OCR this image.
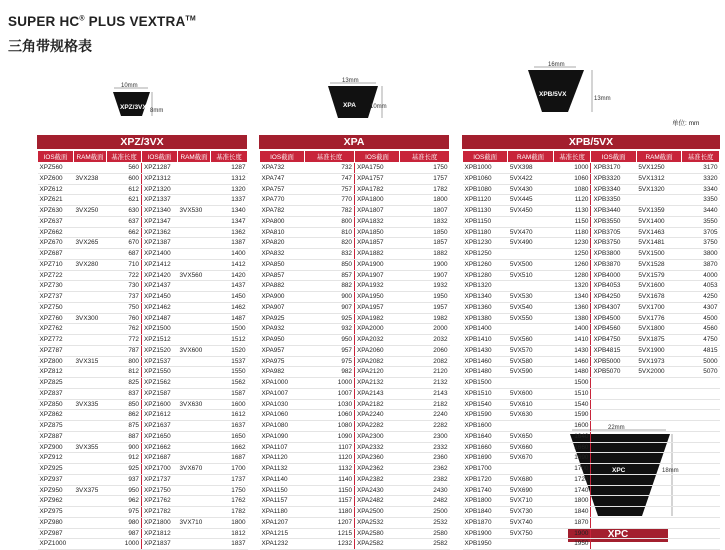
SUPER HC® PLUS VEXTRA™
三角带规格表
单位: mm
10mm
XPZ/3VX 8mm
13mm
XPA 10mm
16mm
XPB/5VX
13mm
22mm
XPC	18mm
XPZ/3VX	XPA	XPB/5VX
XPC
IOS截面	RAM截面	基准长度	IOS截面	RAM截面	基准长度
XPZ560		560	XPZ1287		1287
XPZ600	3VX238	600	XPZ1312		1312
XPZ612		612	XPZ1320		1320
XPZ621		621	XPZ1337		1337
XPZ630	3VX250	630	XPZ1340	3VX530	1340
XPZ637		637	XPZ1347		1347
XPZ662		662	XPZ1362		1362
XPZ670	3VX265	670	XPZ1387		1387
XPZ687		687	XPZ1400		1400
XPZ710	3VX280	710	XPZ1412		1412
XPZ722		722	XPZ1420	3VX560	1420
XPZ730		730	XPZ1437		1437
XPZ737		737	XPZ1450		1450
XPZ750		750	XPZ1462		1462
XPZ760	3VX300	760	XPZ1487		1487
XPZ762		762	XPZ1500		1500
XPZ772		772	XPZ1512		1512
XPZ787		787	XPZ1520	3VX600	1520
XPZ800	3VX315	800	XPZ1537		1537
XPZ812		812	XPZ1550		1550
XPZ825		825	XPZ1562		1562
XPZ837		837	XPZ1587		1587
XPZ850	3VX335	850	XPZ1600	3VX630	1600
XPZ862		862	XPZ1612		1612
XPZ875		875	XPZ1637		1637
XPZ887		887	XPZ1650		1650
XPZ900	3VX355	900	XPZ1662		1662
XPZ912		912	XPZ1687		1687
XPZ925		925	XPZ1700	3VX670	1700
XPZ937		937	XPZ1737		1737
XPZ950	3VX375	950	XPZ1750		1750
XPZ962		962	XPZ1762		1762
XPZ975		975	XPZ1782		1782
XPZ980		980	XPZ1800	3VX710	1800
XPZ987		987	XPZ1812		1812
XPZ1000		1000	XPZ1837		1837
IOS截面	基准长度	IOS截面	基准长度
XPA732	732	XPA1750	1750
XPA747	747	XPA1757	1757
XPA757	757	XPA1782	1782
XPA770	770	XPA1800	1800
XPA782	782	XPA1807	1807
XPA800	800	XPA1832	1832
XPA810	810	XPA1850	1850
XPA820	820	XPA1857	1857
XPA832	832	XPA1882	1882
XPA850	850	XPA1900	1900
XPA857	857	XPA1907	1907
XPA882	882	XPA1932	1932
XPA900	900	XPA1950	1950
XPA907	907	XPA1957	1957
XPA925	925	XPA1982	1982
XPA932	932	XPA2000	2000
XPA950	950	XPA2032	2032
XPA957	957	XPA2060	2060
XPA975	975	XPA2082	2082
XPA982	982	XPA2120	2120
XPA1000	1000	XPA2132	2132
XPA1007	1007	XPA2143	2143
XPA1030	1030	XPA2182	2182
XPA1060	1060	XPA2240	2240
XPA1080	1080	XPA2282	2282
XPA1090	1090	XPA2300	2300
XPA1107	1107	XPA2332	2332
XPA1120	1120	XPA2360	2360
XPA1132	1132	XPA2362	2362
XPA1140	1140	XPA2382	2382
XPA1150	1150	XPA2430	2430
XPA1157	1157	XPA2482	2482
XPA1180	1180	XPA2500	2500
XPA1207	1207	XPA2532	2532
XPA1215	1215	XPA2580	2580
XPA1232	1232	XPA2582	2582
IOS截面	RAM截面	基准长度	IOS截面	RAM截面	基准长度
XPB1000	5VX398	1000	XPB3170	5VX1250	3170
XPB1060	5VX422	1060	XPB3320	5VX1312	3320
XPB1080	5VX430	1080	XPB3340	5VX1320	3340
XPB1120	5VX445	1120	XPB3350		3350
XPB1130	5VX450	1130	XPB3440	5VX1359	3440
XPB1150		1150	XPB3550	5VX1400	3550
XPB1180	5VX470	1180	XPB3705	5VX1463	3705
XPB1230	5VX490	1230	XPB3750	5VX1481	3750
XPB1250		1250	XPB3800	5VX1500	3800
XPB1260	5VX500	1260	XPB3870	5VX1528	3870
XPB1280	5VX510	1280	XPB4000	5VX1579	4000
XPB1320		1320	XPB4053	5VX1600	4053
XPB1340	5VX530	1340	XPB4250	5VX1678	4250
XPB1360	5VX540	1360	XPB4307	5VX1700	4307
XPB1380	5VX550	1380	XPB4500	5VX1776	4500
XPB1400		1400	XPB4560	5VX1800	4560
XPB1410	5VX560	1410	XPB4750	5VX1875	4750
XPB1430	5VX570	1430	XPB4815	5VX1900	4815
XPB1460	5VX580	1460	XPB5000	5VX1973	5000
XPB1480	5VX590	1480	XPB5070	5VX2000	5070
XPB1500		1500			
XPB1510	5VX600	1510			
XPB1540	5VX610	1540			
XPB1590	5VX630	1590			
XPB1600		1600			
XPB1640	5VX650	1640			
XPB1660	5VX660	1660			
XPB1690	5VX670	1690			
XPB1700		1700			
XPB1720	5VX680	1720			
XPB1740	5VX690	1740			
XPB1800	5VX710	1800			
XPB1840	5VX730	1840			
XPB1870	5VX740	1870			
XPB1900	5VX750	1900			
XPB1950		1950			
